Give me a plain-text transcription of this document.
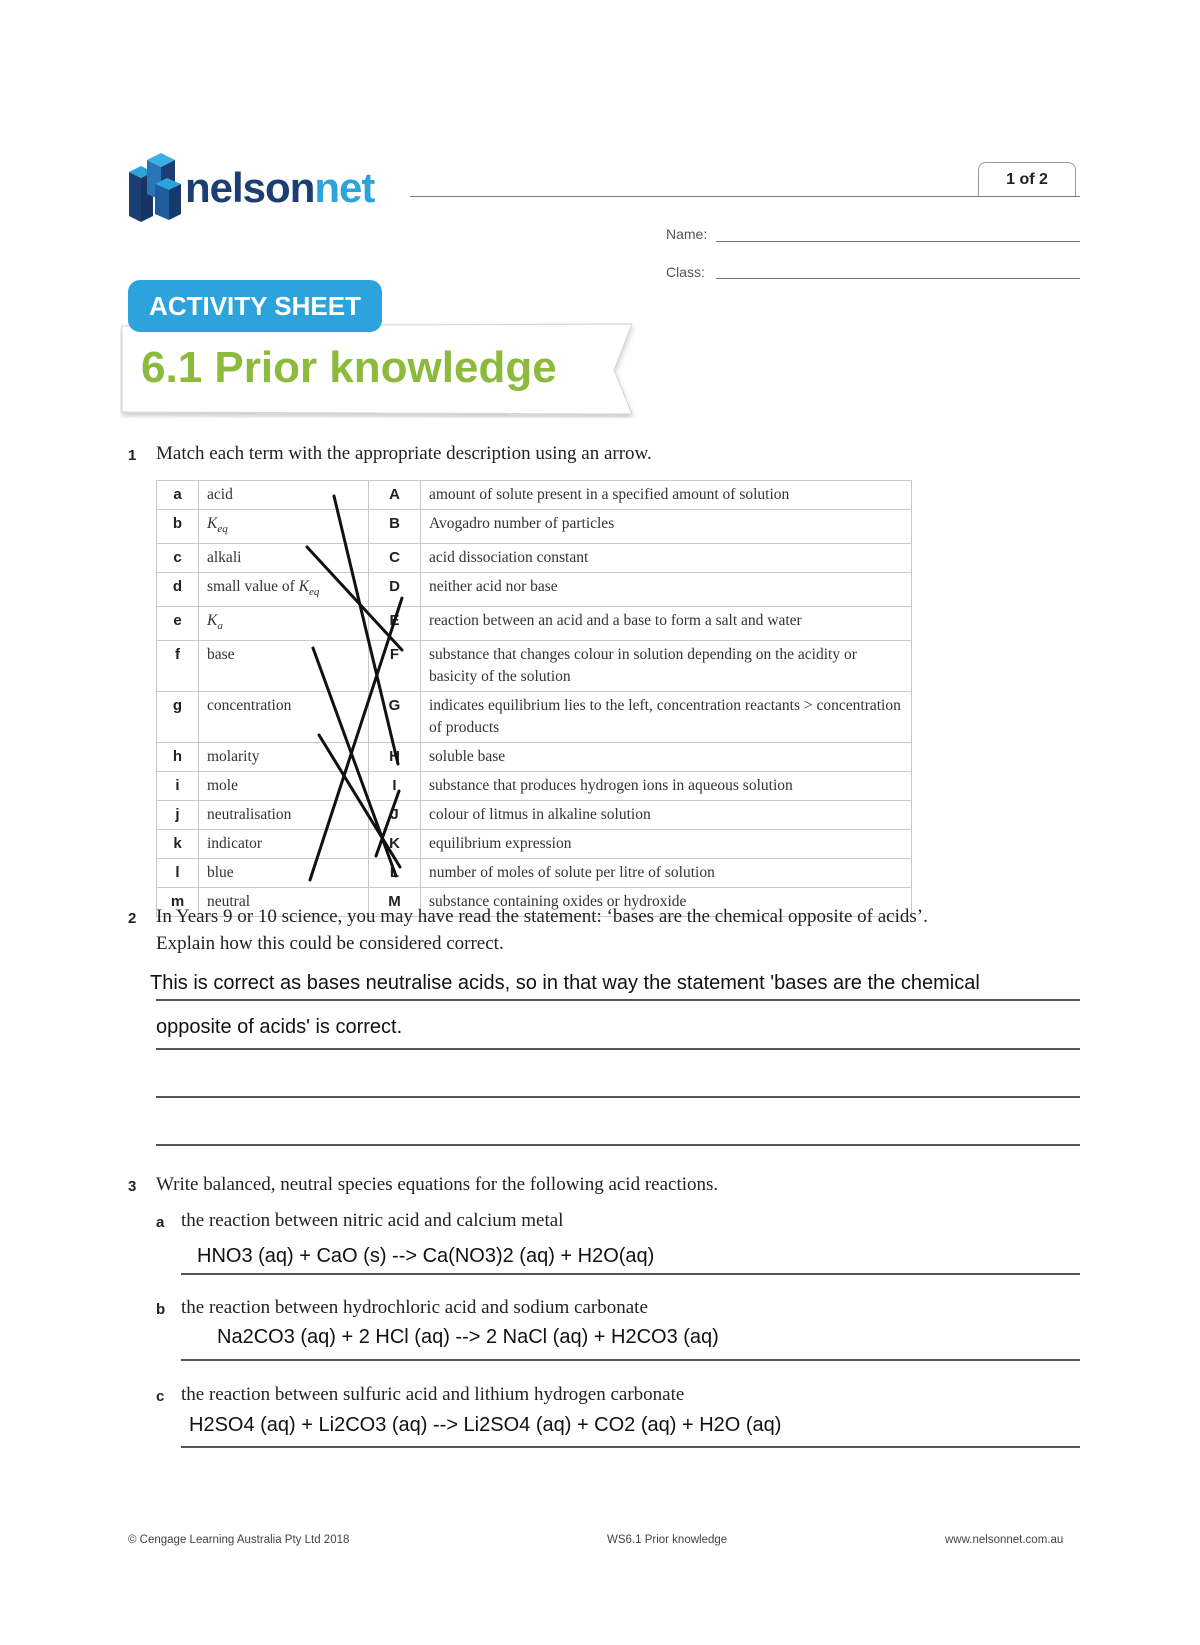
nelsonnet	1 of 2
Name:
Class:
ACTIVITY SHEET
6.1 Prior knowledge
1 Match each term with the appropriate description using an arrow.
a	acid		A	amount of solute present in a specified amount of solution
b	$K_{eq}$		B	Avogadro number of particles
c	alkali		C	acid dissociation constant
d	small value of $K_{eq}$		D	neither acid nor base
e	$K_a$		E	reaction between an acid and a base to form a salt and water
f	base		F	substance that changes colour in solution depending on the acidity or basicity of the solution
g	concentration		G	indicates equilibrium lies to the left, concentration reactants > concentration of products
h	molarity		H	soluble base
i	mole		I	substance that produces hydrogen ions in aqueous solution
j	neutralisation		J	colour of litmus in alkaline solution
k	indicator		K	equilibrium expression
l	blue		L	number of moles of solute per litre of solution
m	neutral		M	substance containing oxides or hydroxide
2 In Years 9 or 10 science, you may have read the statement: ‘bases are the chemical opposite of acids’.
Explain how this could be considered correct.
This is correct as bases neutralise acids, so in that way the statement 'bases are the chemical
opposite of acids' is correct.
3 Write balanced, neutral species equations for the following acid reactions.
a the reaction between nitric acid and calcium metal
HNO3 (aq) + CaO (s) --> Ca(NO3)2 (aq) + H2O(aq)
b the reaction between hydrochloric acid and sodium carbonate
Na2CO3 (aq) + 2 HCl (aq) --> 2 NaCl (aq) + H2CO3 (aq)
c the reaction between sulfuric acid and lithium hydrogen carbonate
H2SO4 (aq) + Li2CO3 (aq) --> Li2SO4 (aq) + CO2 (aq) + H2O (aq)
© Cengage Learning Australia Pty Ltd 2018	WS6.1 Prior knowledge	www.nelsonnet.com.au
